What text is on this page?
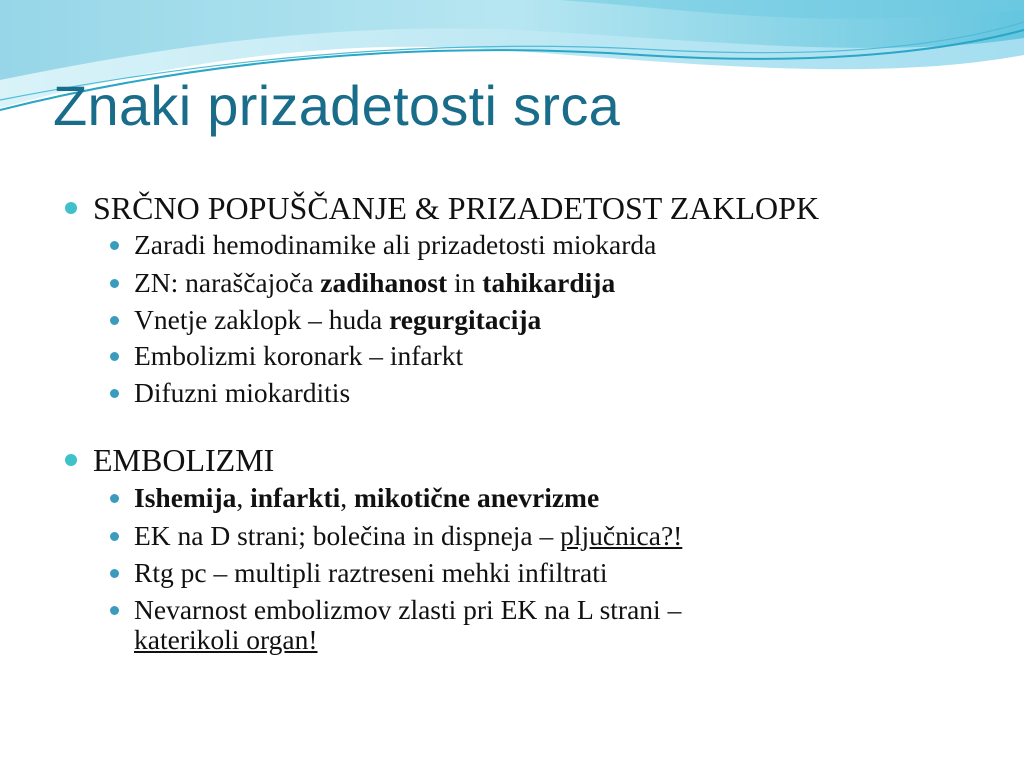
Znaki prizadetosti srca
SRČNO POPUŠČANJE & PRIZADETOST ZAKLOPK
Zaradi hemodinamike ali prizadetosti miokarda
ZN: naraščajoča zadihanost in tahikardija
Vnetje zaklopk – huda regurgitacija
Embolizmi koronark – infarkt
Difuzni miokarditis
EMBOLIZMI
Ishemija, infarkti, mikotične anevrizme
EK na D strani; bolečina in dispneja – pljučnica?!
Rtg pc – multipli raztreseni mehki infiltrati
Nevarnost embolizmov zlasti pri EK na L strani –
katerikoli organ!
